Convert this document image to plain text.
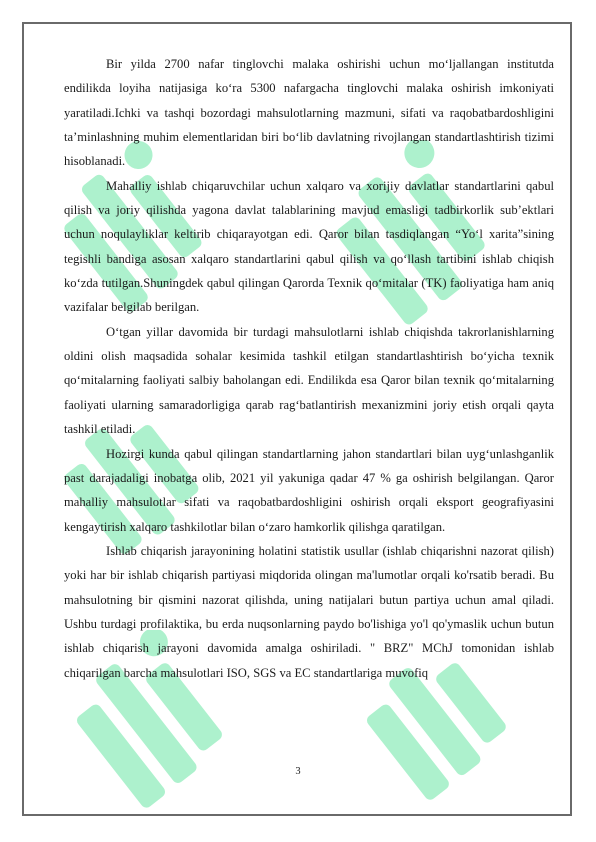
Bir yilda 2700 nafar tinglovchi malaka oshirishi uchun mo‘ljallangan institutda endilikda loyiha natijasiga ko‘ra 5300 nafargacha tinglovchi malaka oshirish imkoniyati yaratiladi.Ichki va tashqi bozordagi mahsulotlarning mazmuni, sifati va raqobatbardoshligini ta’minlashning muhim elementlaridan biri bo‘lib davlatning rivojlangan standartlashtirish tizimi hisoblanadi.

Mahalliy ishlab chiqaruvchilar uchun xalqaro va xorijiy davlatlar standartlarini qabul qilish va joriy qilishda yagona davlat talablarining mavjud emasligi tadbirkorlik sub’ektlari uchun noqulayliklar keltirib chiqarayotgan edi. Qaror bilan tasdiqlangan “Yo‘l xarita”sining tegishli bandiga asosan xalqaro standartlarini qabul qilish va qo‘llash tartibini ishlab chiqish ko‘zda tutilgan.Shuningdek qabul qilingan Qarorda Texnik qo‘mitalar (TK) faoliyatiga ham aniq vazifalar belgilab berilgan.

O‘tgan yillar davomida bir turdagi mahsulotlarni ishlab chiqishda takrorlanishlarning oldini olish maqsadida sohalar kesimida tashkil etilgan standartlashtirish bo‘yicha texnik qo‘mitalarning faoliyati salbiy baholangan edi. Endilikda esa Qaror bilan texnik qo‘mitalarning faoliyati ularning samaradorligiga qarab rag‘batlantirish mexanizmini joriy etish orqali qayta tashkil etiladi.

Hozirgi kunda qabul qilingan standartlarning jahon standartlari bilan uyg‘unlashganlik past darajadaligi inobatga olib, 2021 yil yakuniga qadar 47 % ga oshirish belgilangan. Qaror mahalliy mahsulotlar sifati va raqobatbardoshligini oshirish orqali eksport geografiyasini kengaytirish xalqaro tashkilotlar bilan o‘zaro hamkorlik qilishga qaratilgan.

Ishlab chiqarish jarayonining holatini statistik usullar (ishlab chiqarishni nazorat qilish) yoki har bir ishlab chiqarish partiyasi miqdorida olingan ma'lumotlar orqali ko'rsatib beradi. Bu mahsulotning bir qismini nazorat qilishda, uning natijalari butun partiya uchun amal qiladi. Ushbu turdagi profilaktika, bu erda nuqsonlarning paydo bo'lishiga yo'l qo'ymaslik uchun butun ishlab chiqarish jarayoni davomida amalga oshiriladi. " BRZ" MChJ tomonidan ishlab chiqarilgan barcha mahsulotlari ISO, SGS va EC standartlariga muvofiq

3
